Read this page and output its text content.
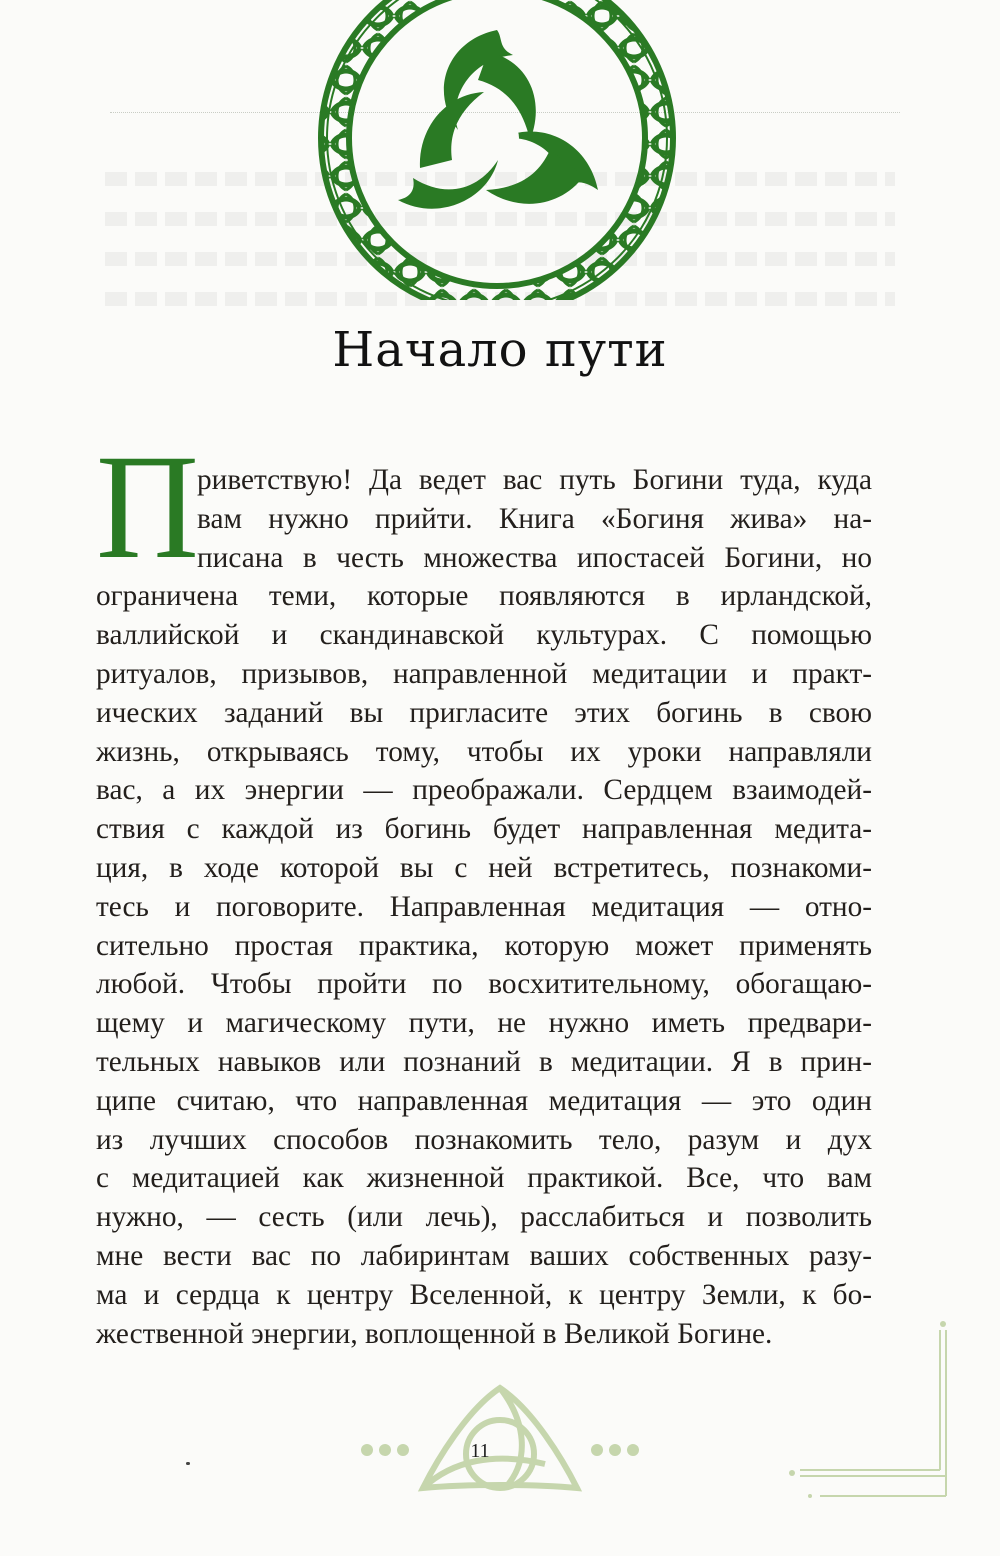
Начало пути
П
риветствую! Да ведет вас путь Богини туда, куда
вам нужно прийти. Книга «Богиня жива» на-
писана в честь множества ипостасей Богини, но
ограничена теми, которые появляются в ирландской,
валлийской и скандинавской культурах. С помощью
ритуалов, призывов, направленной медитации и практ-
ических заданий вы пригласите этих богинь в свою
жизнь, открываясь тому, чтобы их уроки направляли
вас, а их энергии — преображали. Сердцем взаимодей-
ствия с каждой из богинь будет направленная медита-
ция, в ходе которой вы с ней встретитесь, познакоми-
тесь и поговорите. Направленная медитация — отно-
сительно простая практика, которую может применять
любой. Чтобы пройти по восхитительному, обогащаю-
щему и магическому пути, не нужно иметь предвари-
тельных навыков или познаний в медитации. Я в прин-
ципе считаю, что направленная медитация — это один
из лучших способов познакомить тело, разум и дух
с медитацией как жизненной практикой. Все, что вам
нужно, — сесть (или лечь), расслабиться и позволить
мне вести вас по лабиринтам ваших собственных разу-
ма и сердца к центру Вселенной, к центру Земли, к бо-
жественной энергии, воплощенной в Великой Богине.
11
